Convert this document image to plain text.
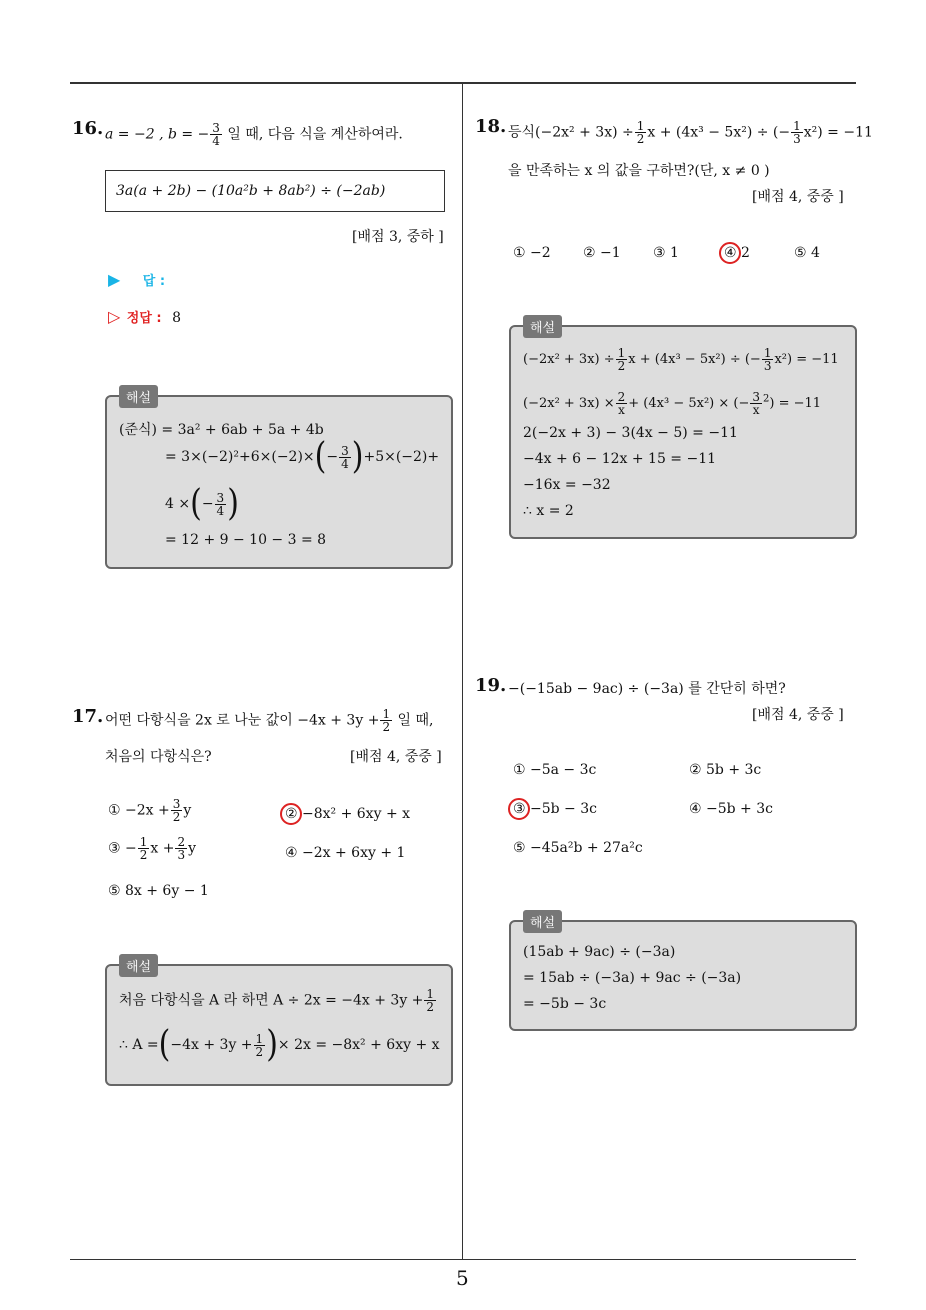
5
16. a = −2 , b = − $\frac{3}{4}$ 일 때, 다음 식을 계산하여라.
3a(a + 2b) − (10a²b + 8ab²) ÷ (−2ab)
[배점 3, 중하 ]
▶ 답 :
▷ 정답 : 8
해설
(준식) = 3a² + 6ab + 5a + 4b
= $3\times(-2)^2+6\times(-2)\times(- \frac{3}{4} )+5\times(-2)+$
4 ×(− $\frac{3}{4}$ )
= 12 + 9 − 10 − 3 = 8
17. 어떤 다항식을 2x 로 나눈 값이 $-4x + 3y + \frac{1}{2}$ 일 때,
처음의 다항식은?	[배점 4, 중중 ]
① $-2x + \frac{3}{2}$ y	② −8x² + 6xy + x
③ − $\frac{1}{2}$ $x + \frac{2}{3}$ y	④ −2x + 6xy + 1
⑤ 8x + 6y − 1
해설
처음 다항식을 A 라 하면 $A \div 2x = -4x + 3y + \frac{1}{2}$
∴ $A =(-4x + 3y + \frac{1}{2}$ )× 2x = −8x² + 6xy + x
18. 등식$(-2x^2 + 3x) \div \frac{1}{2}$ x + (4x³ − 5x²) ÷ (− $\frac{1}{3} x^2) = -11$
을 만족하는 x 의 값을 구하면?(단, x ≠ 0 )
[배점 4, 중중 ]
① −2 ② −1 ③ 1	④ 2	⑤ 4
해설
$(-2x^2 + 3x) \div \frac{1}{2}$ x + (4x³ − 5x²) ÷ (− $\frac{1}{3} x^2) = -11$
$(-2x^2 + 3x) \times \frac{2}{x} + (4x^3 - 5x^2)$ × (− $\frac{3}{x} ^2) = -11$
2(−2x + 3) − 3(4x − 5) = −11
−4x + 6 − 12x + 15 = −11
−16x = −32
∴ x = 2
19. −(−15ab − 9ac) ÷ (−3a) 를 간단히 하면?
[배점 4, 중중 ]
① −5a − 3c	② 5b + 3c
③ −5b − 3c	④ −5b + 3c
⑤ −45a²b + 27a²c
해설
(15ab + 9ac) ÷ (−3a)
= 15ab ÷ (−3a) + 9ac ÷ (−3a)
= −5b − 3c
